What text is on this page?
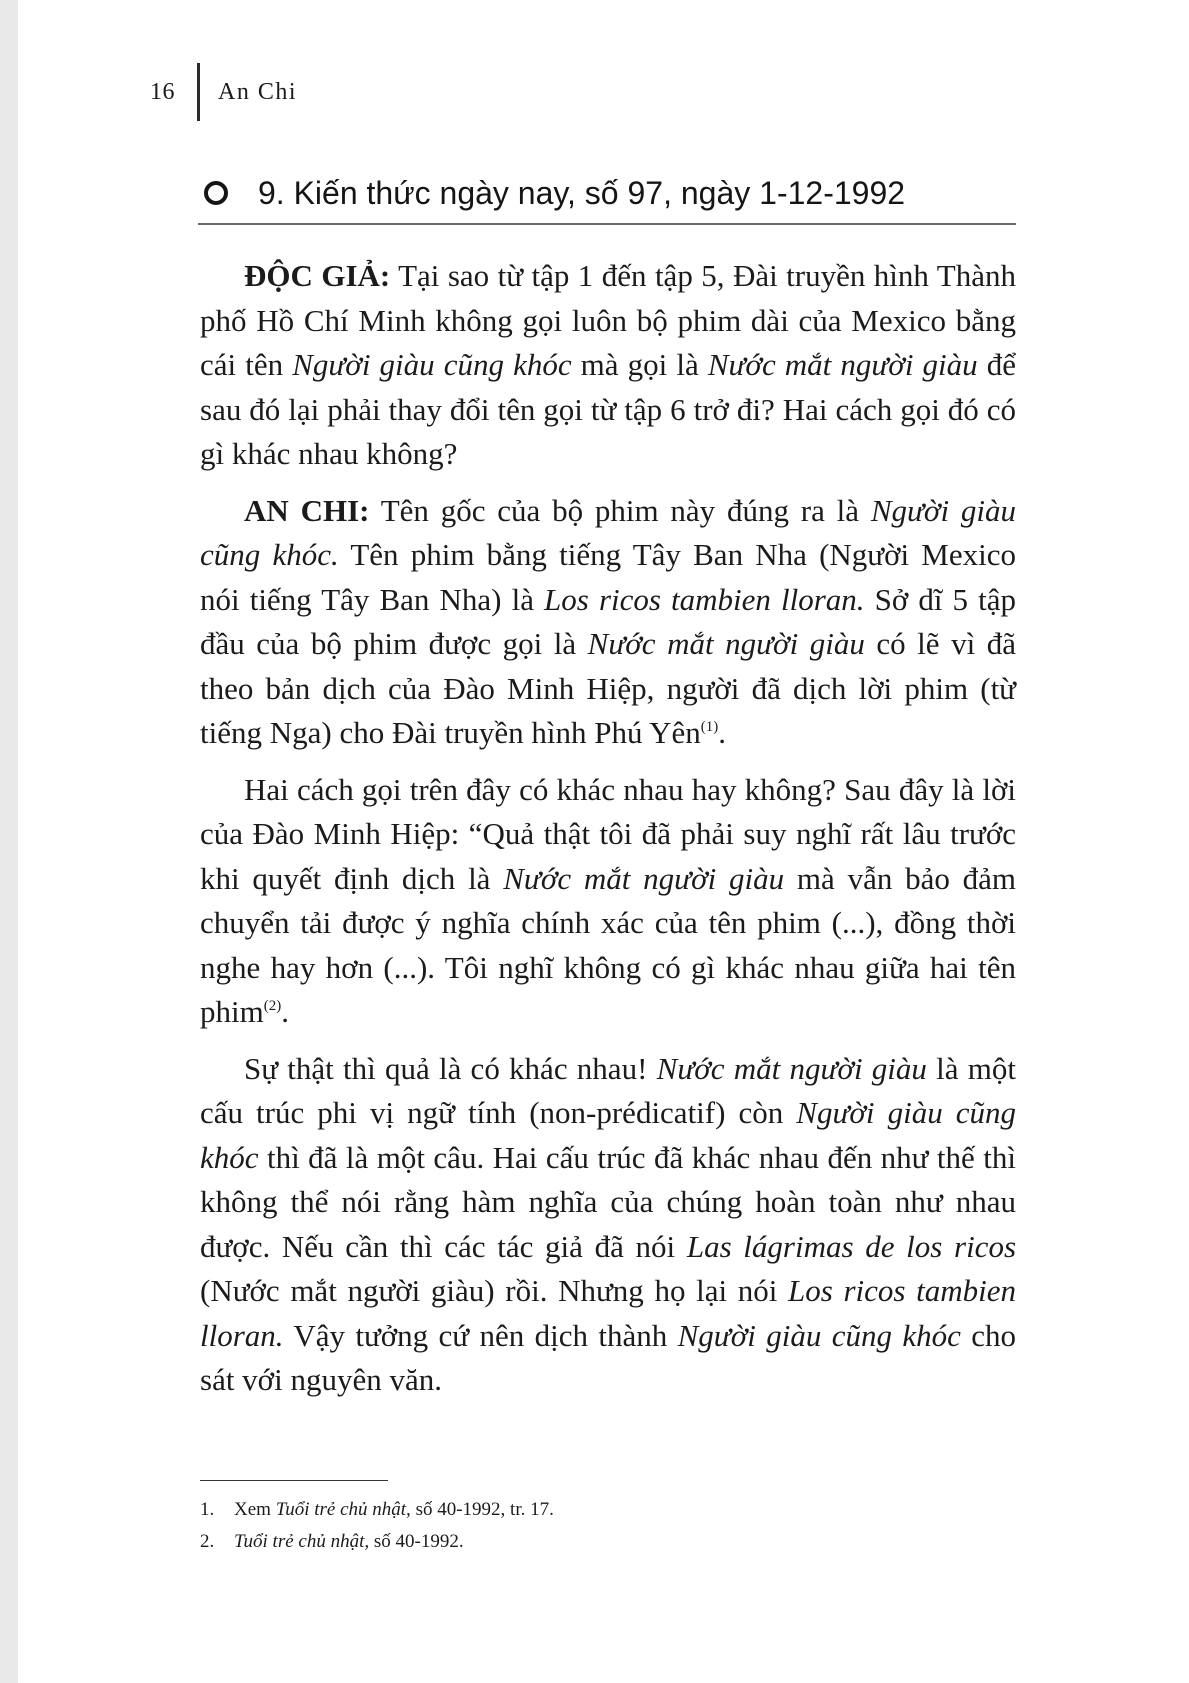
16 An Chi
9. Kiến thức ngày nay, số 97, ngày 1-12-1992

ĐỘC GIẢ: Tại sao từ tập 1 đến tập 5, Đài truyền hình Thành phố Hồ Chí Minh không gọi luôn bộ phim dài của Mexico bằng cái tên Người giàu cũng khóc mà gọi là Nước mắt người giàu để sau đó lại phải thay đổi tên gọi từ tập 6 trở đi? Hai cách gọi đó có gì khác nhau không?

AN CHI: Tên gốc của bộ phim này đúng ra là Người giàu cũng khóc. Tên phim bằng tiếng Tây Ban Nha (Người Mexico nói tiếng Tây Ban Nha) là Los ricos tambien lloran. Sở dĩ 5 tập đầu của bộ phim được gọi là Nước mắt người giàu có lẽ vì đã theo bản dịch của Đào Minh Hiệp, người đã dịch lời phim (từ tiếng Nga) cho Đài truyền hình Phú Yên$^{(1)}$.

Hai cách gọi trên đây có khác nhau hay không? Sau đây là lời của Đào Minh Hiệp: “Quả thật tôi đã phải suy nghĩ rất lâu trước khi quyết định dịch là Nước mắt người giàu mà vẫn bảo đảm chuyển tải được ý nghĩa chính xác của tên phim (...), đồng thời nghe hay hơn (...). Tôi nghĩ không có gì khác nhau giữa hai tên phim$^{(2)}$.

Sự thật thì quả là có khác nhau! Nước mắt người giàu là một cấu trúc phi vị ngữ tính (non-prédicatif) còn Người giàu cũng khóc thì đã là một câu. Hai cấu trúc đã khác nhau đến như thế thì không thể nói rằng hàm nghĩa của chúng hoàn toàn như nhau được. Nếu cần thì các tác giả đã nói Las lágrimas de los ricos (Nước mắt người giàu) rồi. Nhưng họ lại nói Los ricos tambien lloran. Vậy tưởng cứ nên dịch thành Người giàu cũng khóc cho sát với nguyên văn.

1.	Xem Tuổi trẻ chủ nhật, số 40-1992, tr. 17.
2.	Tuổi trẻ chủ nhật, số 40-1992.
